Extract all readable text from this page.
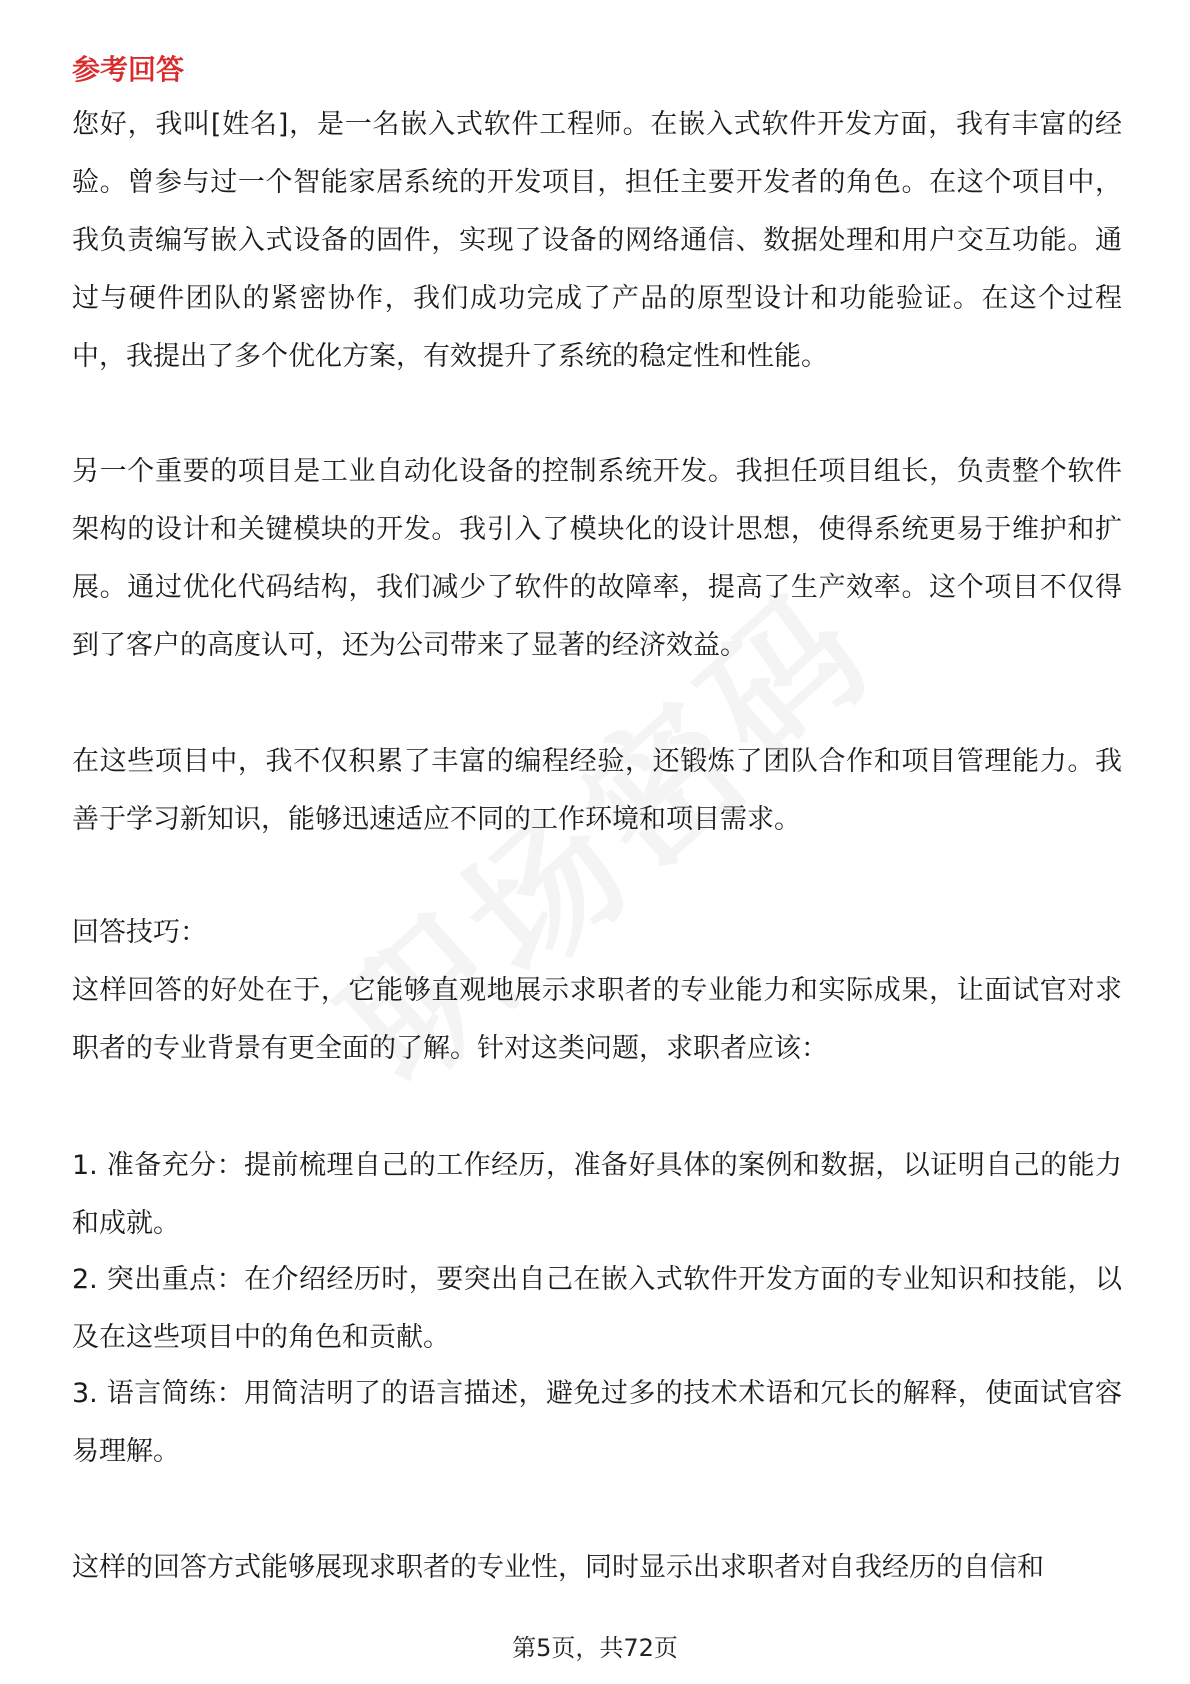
参考回答

您好，我叫[姓名]，是一名嵌入式软件工程师。在嵌入式软件开发方面，我有丰富的经验。曾参与过一个智能家居系统的开发项目，担任主要开发者的角色。在这个项目中，我负责编写嵌入式设备的固件，实现了设备的网络通信、数据处理和用户交互功能。通过与硬件团队的紧密协作，我们成功完成了产品的原型设计和功能验证。在这个过程中，我提出了多个优化方案，有效提升了系统的稳定性和性能。

另一个重要的项目是工业自动化设备的控制系统开发。我担任项目组长，负责整个软件架构的设计和关键模块的开发。我引入了模块化的设计思想，使得系统更易于维护和扩展。通过优化代码结构，我们减少了软件的故障率，提高了生产效率。这个项目不仅得到了客户的高度认可，还为公司带来了显著的经济效益。

在这些项目中，我不仅积累了丰富的编程经验，还锻炼了团队合作和项目管理能力。我善于学习新知识，能够迅速适应不同的工作环境和项目需求。

回答技巧：

这样回答的好处在于，它能够直观地展示求职者的专业能力和实际成果，让面试官对求职者的专业背景有更全面的了解。针对这类问题，求职者应该：

1. 准备充分：提前梳理自己的工作经历，准备好具体的案例和数据，以证明自己的能力和成就。

2. 突出重点：在介绍经历时，要突出自己在嵌入式软件开发方面的专业知识和技能，以及在这些项目中的角色和贡献。

3. 语言简练：用简洁明了的语言描述，避免过多的技术术语和冗长的解释，使面试官容易理解。

这样的回答方式能够展现求职者的专业性，同时显示出求职者对自我经历的自信和

第5页，共72页
